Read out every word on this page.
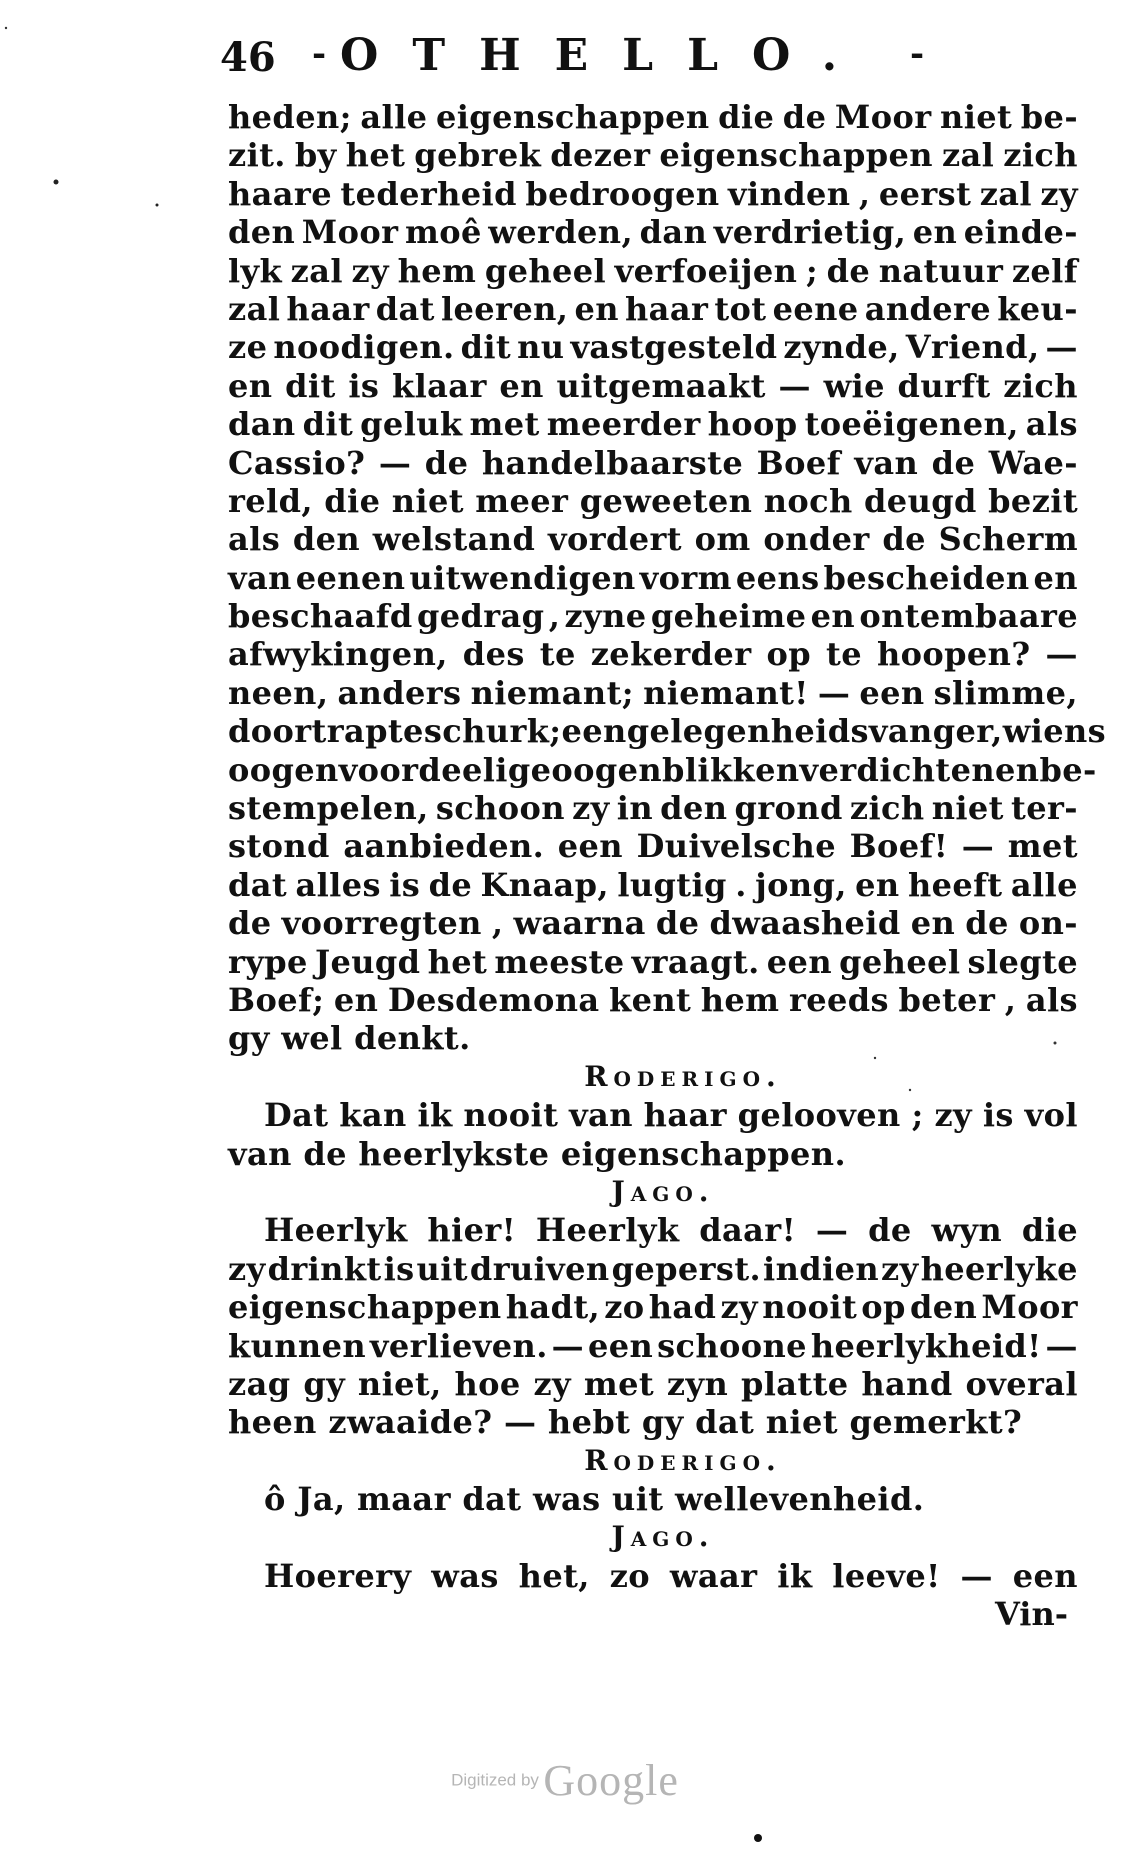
46 - OTHELLO. -
heden; alle eigenschappen die de Moor niet be-
zit. by het gebrek dezer eigenschappen zal zich
haare tederheid bedroogen vinden , eerst zal zy
den Moor moê werden, dan verdrietig, en einde-
lyk zal zy hem geheel verfoeijen ; de natuur zelf
zal haar dat leeren, en haar tot eene andere keu-
ze noodigen. dit nu vastgesteld zynde, Vriend, —
en dit is klaar en uitgemaakt — wie durft zich
dan dit geluk met meerder hoop toeëigenen, als
Cassio? — de handelbaarste Boef van de Wae-
reld, die niet meer geweeten noch deugd bezit
als den welstand vordert om onder de Scherm
van eenen uitwendigen vorm eens bescheiden en
beschaafd gedrag , zyne geheime en ontembaare
afwykingen, des te zekerder op te hoopen? —
neen, anders niemant; niemant! — een slimme,
doortrapte schurk; een gelegenheids vanger, wiens
oogen voordeelige oogenblikken verdichten en be-
stempelen, schoon zy in den grond zich niet ter-
stond aanbieden. een Duivelsche Boef! — met
dat alles is de Knaap, lugtig . jong, en heeft alle
de voorregten , waarna de dwaasheid en de on-
rype Jeugd het meeste vraagt. een geheel slegte
Boef; en Desdemona kent hem reeds beter , als
gy wel denkt.
Roderigo.
Dat kan ik nooit van haar gelooven ; zy is vol
van de heerlykste eigenschappen.
Jago.
Heerlyk hier! Heerlyk daar! — de wyn die
zy drinkt is uit druiven geperst. indien zy heerlyke
eigenschappen hadt, zo had zy nooit op den Moor
kunnen verlieven. — een schoone heerlykheid! —
zag gy niet, hoe zy met zyn platte hand overal
heen zwaaide? — hebt gy dat niet gemerkt?
Roderigo.
ô Ja, maar dat was uit wellevenheid.
Jago.
Hoerery was het, zo waar ik leeve! — een
Vin-
Digitized by Google
